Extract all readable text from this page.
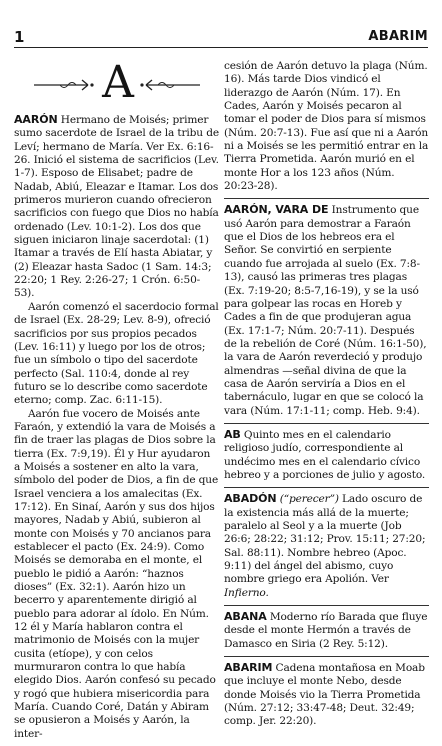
1	ABARIM
A

AARÓN Hermano de Moisés; primer sumo sacerdote de Israel de la tribu de Leví; hermano de María. Ver Ex. 6:16-26. Inició el sistema de sacrificios (Lev. 1-7). Esposo de Elisabet; padre de Nadab, Abiú, Eleazar e Itamar. Los dos primeros murieron cuando ofrecieron sacrificios con fuego que Dios no había ordenado (Lev. 10:1-2). Los dos que siguen iniciaron linaje sacerdotal: (1) Itamar a través de Elí hasta Abiatar, y (2) Eleazar hasta Sadoc (1 Sam. 14:3; 22:20; 1 Rey. 2:26-27; 1 Crón. 6:50-53).

Aarón comenzó el sacerdocio formal de Israel (Ex. 28-29; Lev. 8-9), ofreció sacrificios por sus propios pecados (Lev. 16:11) y luego por los de otros; fue un símbolo o tipo del sacerdote perfecto (Sal. 110:4, donde al rey futuro se lo describe como sacerdote eterno; comp. Zac. 6:11-15).

Aarón fue vocero de Moisés ante Faraón, y extendió la vara de Moisés a fin de traer las plagas de Dios sobre la tierra (Ex. 7:9,19). Él y Hur ayudaron a Moisés a sostener en alto la vara, símbolo del poder de Dios, a fin de que Israel venciera a los amalecitas (Ex. 17:12). En Sinaí, Aarón y sus dos hijos mayores, Nadab y Abiú, subieron al monte con Moisés y 70 ancianos para establecer el pacto (Ex. 24:9). Como Moisés se demoraba en el monte, el pueblo le pidió a Aarón: “haznos dioses” (Ex. 32:1). Aarón hizo un becerro y aparentemente dirigió al pueblo para adorar al ídolo. En Núm. 12 él y María hablaron contra el matrimonio de Moisés con la mujer cusita (etíope), y con celos murmuraron contra lo que había elegido Dios. Aarón confesó su pecado y rogó que hubiera misericordia para María. Cuando Coré, Datán y Abiram se opusieron a Moisés y Aarón, la inter-

cesión de Aarón detuvo la plaga (Núm. 16). Más tarde Dios vindicó el liderazgo de Aarón (Núm. 17). En Cades, Aarón y Moisés pecaron al tomar el poder de Dios para sí mismos (Núm. 20:7-13). Fue así que ni a Aarón ni a Moisés se les permitió entrar en la Tierra Prometida. Aarón murió en el monte Hor a los 123 años (Núm. 20:23-28).

AARÓN, VARA DE Instrumento que usó Aarón para demostrar a Faraón que el Dios de los hebreos era el Señor. Se convirtió en serpiente cuando fue arrojada al suelo (Ex. 7:8-13), causó las primeras tres plagas (Ex. 7:19-20; 8:5-7,16-19), y se la usó para golpear las rocas en Horeb y Cades a fin de que produjeran agua (Ex. 17:1-7; Núm. 20:7-11). Después de la rebelión de Coré (Núm. 16:1-50), la vara de Aarón reverdeció y produjo almendras —señal divina de que la casa de Aarón serviría a Dios en el tabernáculo, lugar en que se colocó la vara (Núm. 17:1-11; comp. Heb. 9:4).

AB Quinto mes en el calendario religioso judío, correspondiente al undécimo mes en el calendario cívico hebreo y a porciones de julio y agosto.

ABADÓN (“perecer”) Lado oscuro de la existencia más allá de la muerte; paralelo al Seol y a la muerte (Job 26:6; 28:22; 31:12; Prov. 15:11; 27:20; Sal. 88:11). Nombre hebreo (Apoc. 9:11) del ángel del abismo, cuyo nombre griego era Apolión. Ver Infierno.

ABANA Moderno río Barada que fluye desde el monte Hermón a través de Damasco en Siria (2 Rey. 5:12).

ABARIM Cadena montañosa en Moab que incluye el monte Nebo, desde donde Moisés vio la Tierra Prometida (Núm. 27:12; 33:47-48; Deut. 32:49; comp. Jer. 22:20).
